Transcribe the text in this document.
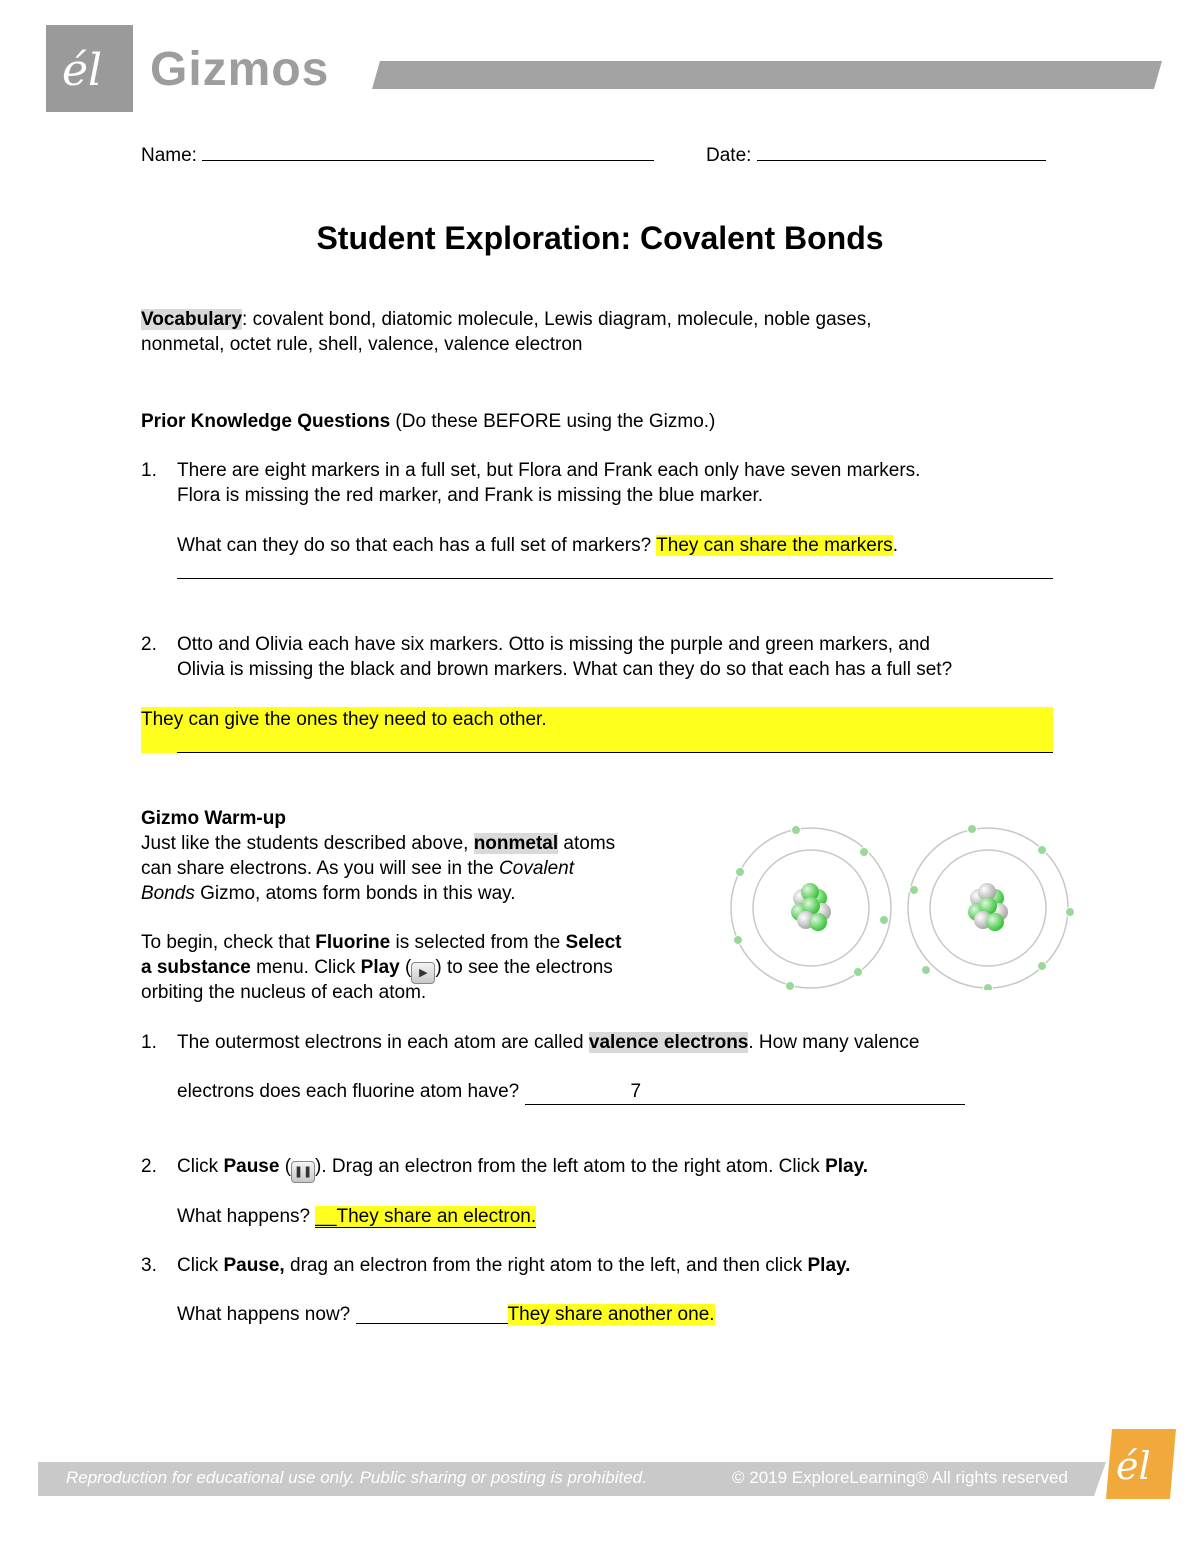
él Gizmos
Name:	Date:
Student Exploration: Covalent Bonds
Vocabulary: covalent bond, diatomic molecule, Lewis diagram, molecule, noble gases,
nonmetal, octet rule, shell, valence, valence electron
Prior Knowledge Questions (Do these BEFORE using the Gizmo.)
1. There are eight markers in a full set, but Flora and Frank each only have seven markers.
Flora is missing the red marker, and Frank is missing the blue marker.
What can they do so that each has a full set of markers? They can share the markers.
2. Otto and Olivia each have six markers. Otto is missing the purple and green markers, and
Olivia is missing the black and brown markers. What can they do so that each has a full set?
They can give the ones they need to each other.
Gizmo Warm-up
Just like the students described above, nonmetal atoms
can share electrons. As you will see in the Covalent
Bonds Gizmo, atoms form bonds in this way.
To begin, check that Fluorine is selected from the Select
a substance menu. Click Play ( ▶ ) to see the electrons
orbiting the nucleus of each atom.
1. The outermost electrons in each atom are called valence electrons. How many valence
electrons does each fluorine atom have?	7
2. Click Pause ( ❚❚ ). Drag an electron from the left atom to the right atom. Click Play.
What happens? __They share an electron.
3. Click Pause, drag an electron from the right atom to the left, and then click Play.
What happens now?	They share another one.
Reproduction for educational use only. Public sharing or posting is prohibited.	© 2019 ExploreLearning® All rights reserved él
